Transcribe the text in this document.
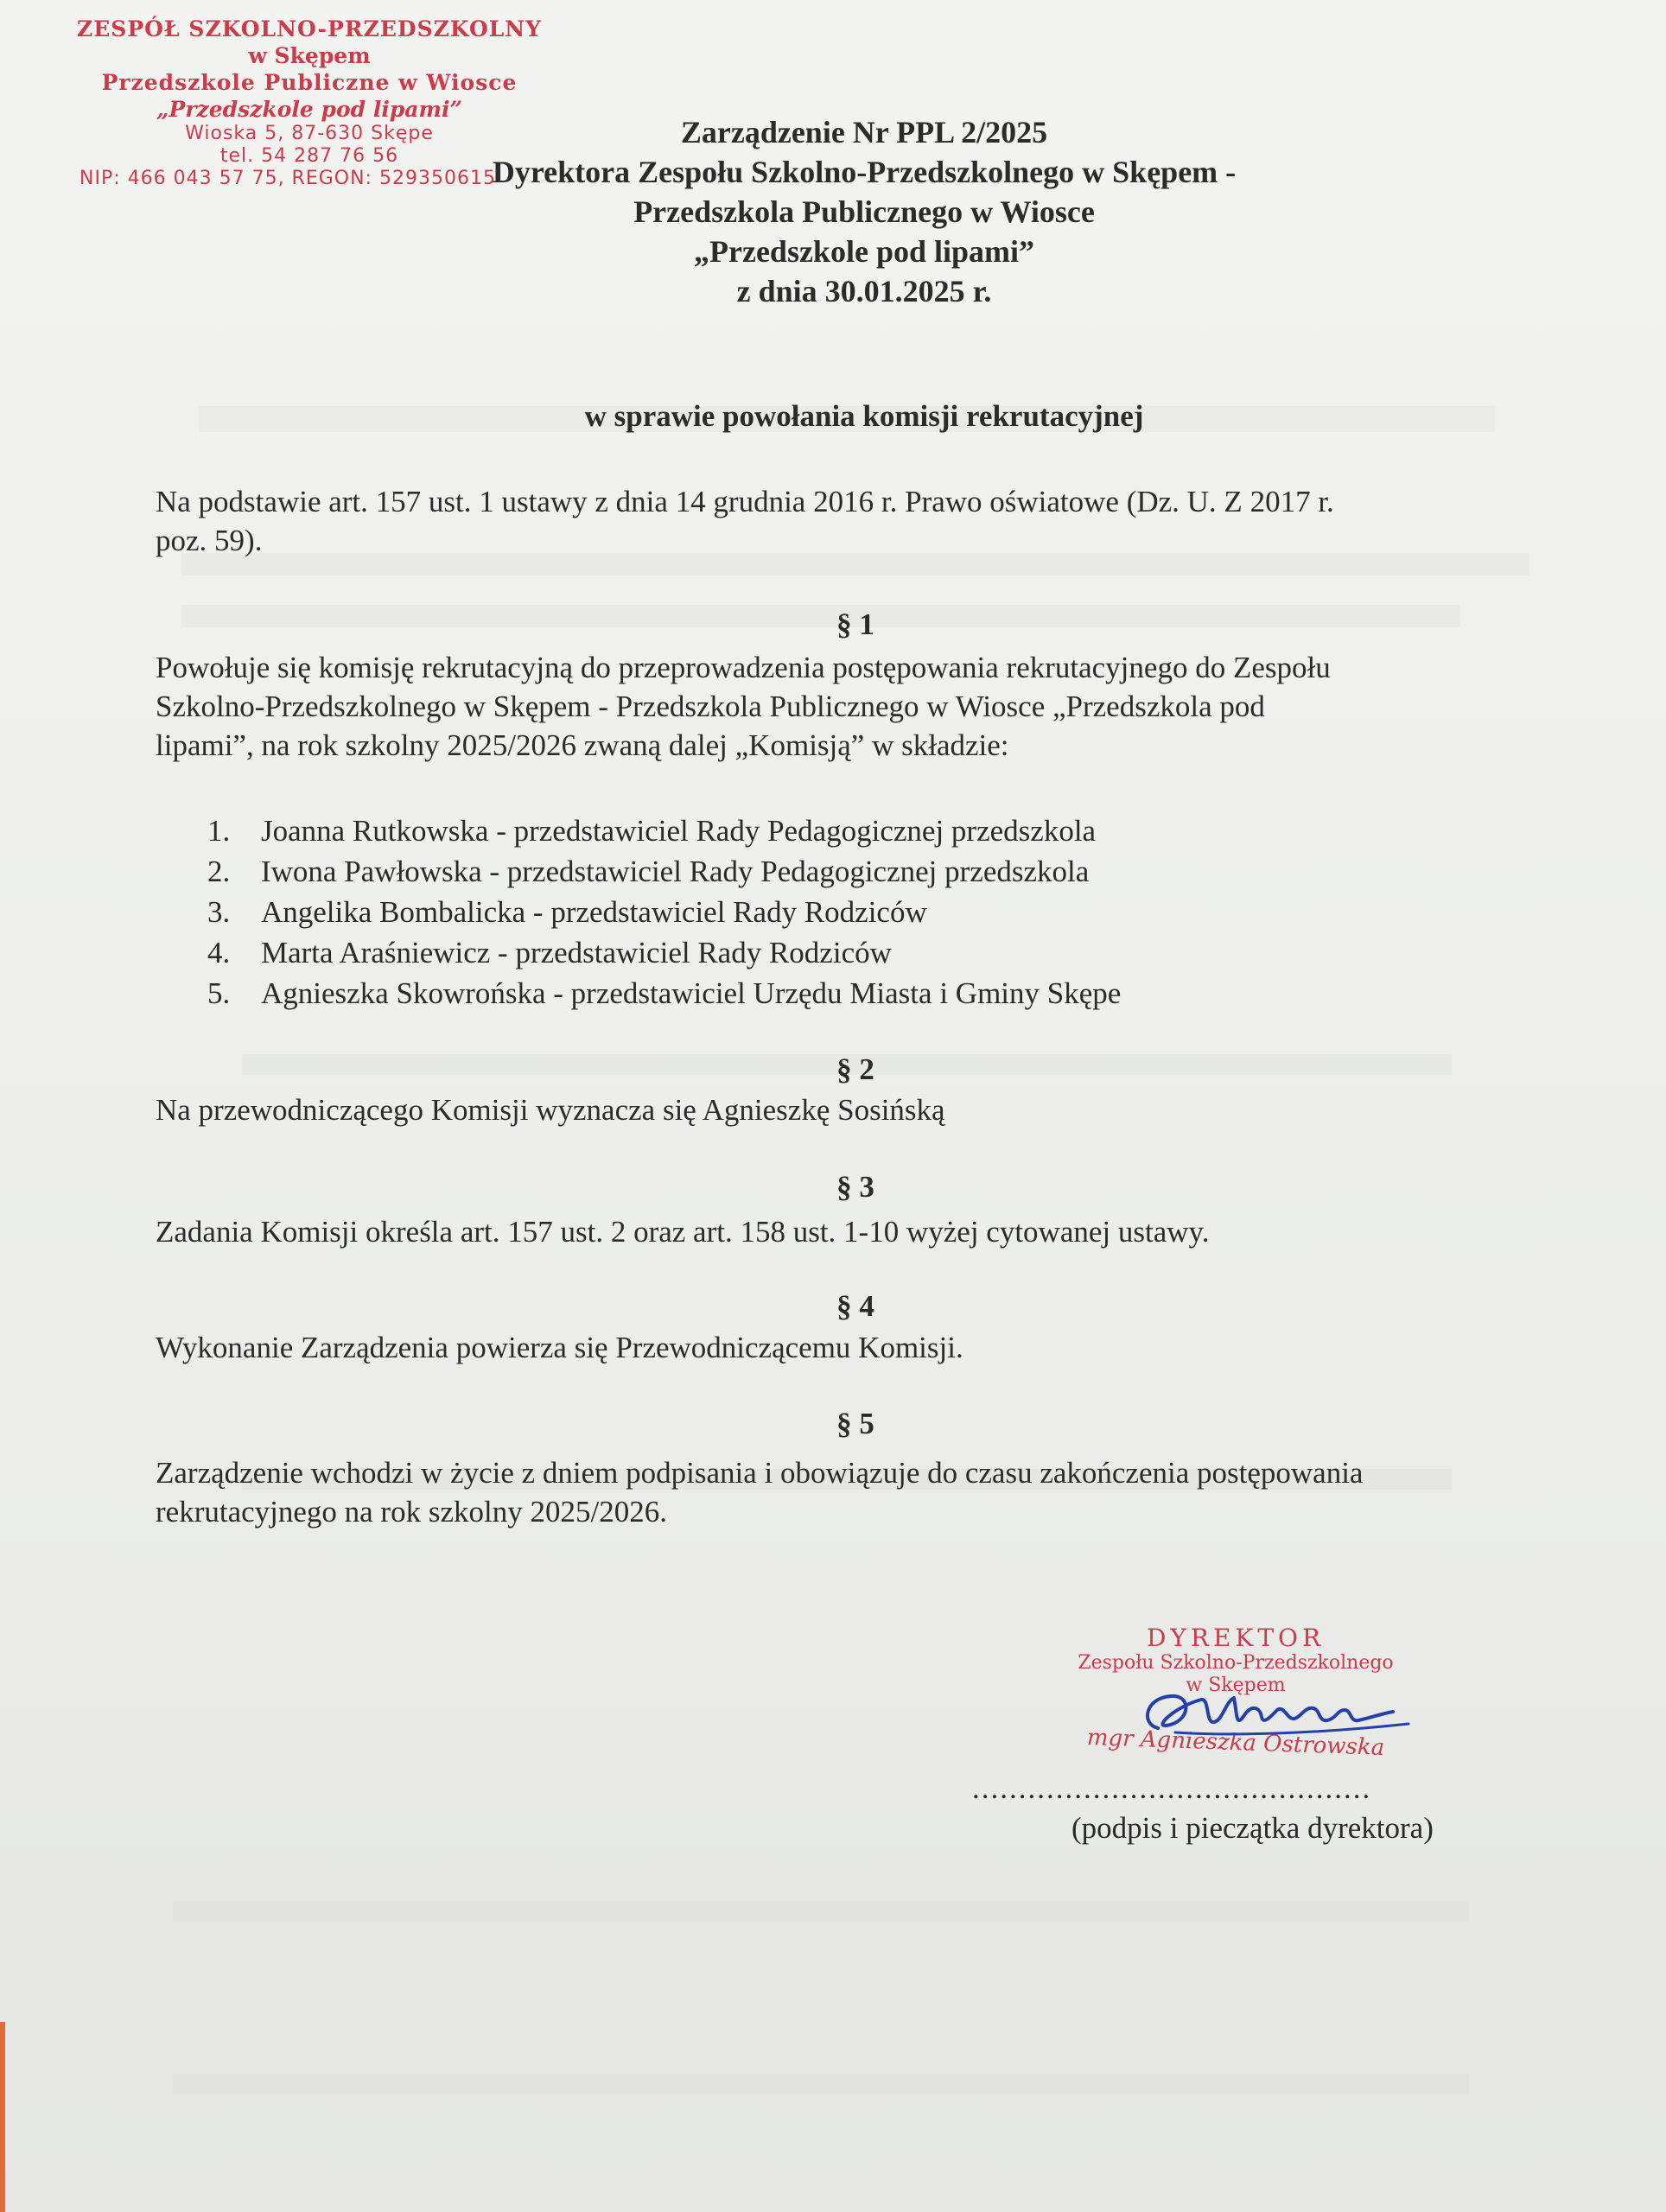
ZESPÓŁ SZKOLNO-PRZEDSZKOLNY
w Skępem
Przedszkole Publiczne w Wiosce
„Przedszkole pod lipami”
Wioska 5, 87-630 Skępe
tel. 54 287 76 56
NIP: 466 043 57 75, REGON: 529350615
Zarządzenie Nr PPL 2/2025
Dyrektora Zespołu Szkolno-Przedszkolnego w Skępem -
Przedszkola Publicznego w Wiosce
„Przedszkole pod lipami”
z dnia 30.01.2025 r.
w sprawie powołania komisji rekrutacyjnej
Na podstawie art. 157 ust. 1 ustawy z dnia 14 grudnia 2016 r. Prawo oświatowe (Dz. U. Z 2017 r.
poz. 59).
§ 1
Powołuje się komisję rekrutacyjną do przeprowadzenia postępowania rekrutacyjnego do Zespołu
Szkolno-Przedszkolnego w Skępem - Przedszkola Publicznego w Wiosce „Przedszkola pod
lipami”, na rok szkolny 2025/2026 zwaną dalej „Komisją” w składzie:
1.	Joanna Rutkowska - przedstawiciel Rady Pedagogicznej przedszkola
2.	Iwona Pawłowska - przedstawiciel Rady Pedagogicznej przedszkola
3.	Angelika Bombalicka - przedstawiciel Rady Rodziców
4.	Marta Araśniewicz - przedstawiciel Rady Rodziców
5.	Agnieszka Skowrońska - przedstawiciel Urzędu Miasta i Gminy Skępe
§ 2
Na przewodniczącego Komisji wyznacza się Agnieszkę Sosińską
§ 3
Zadania Komisji określa art. 157 ust. 2 oraz art. 158 ust. 1-10 wyżej cytowanej ustawy.
§ 4
Wykonanie Zarządzenia powierza się Przewodniczącemu Komisji.
§ 5
Zarządzenie wchodzi w życie z dniem podpisania i obowiązuje do czasu zakończenia postępowania
rekrutacyjnego na rok szkolny 2025/2026.
DYREKTOR
Zespołu Szkolno-Przedszkolnego
w Skępem
mgr Agnieszka Ostrowska
...........................................
(podpis i pieczątka dyrektora)
